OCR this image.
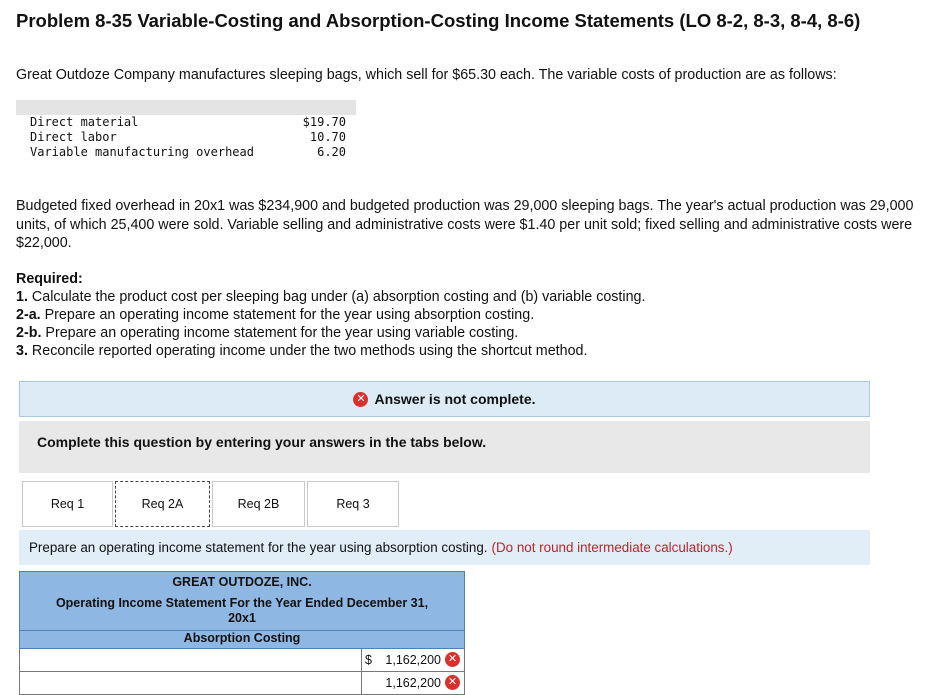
Problem 8-35 Variable-Costing and Absorption-Costing Income Statements (LO 8-2, 8-3, 8-4, 8-6)
Great Outdoze Company manufactures sleeping bags, which sell for $65.30 each. The variable costs of production are as follows:

Direct material	$19.70
Direct labor	10.70
Variable manufacturing overhead	6.20
Budgeted fixed overhead in 20x1 was $234,900 and budgeted production was 29,000 sleeping bags. The year's actual production was 29,000 units, of which 25,400 were sold. Variable selling and administrative costs were $1.40 per unit sold; fixed selling and administrative costs were $22,000.
Required:
1. Calculate the product cost per sleeping bag under (a) absorption costing and (b) variable costing.
2-a. Prepare an operating income statement for the year using absorption costing.
2-b. Prepare an operating income statement for the year using variable costing.
3. Reconcile reported operating income under the two methods using the shortcut method.
✕ Answer is not complete.
Complete this question by entering your answers in the tabs below.
Req 1	Req 2A	Req 2B	Req 3
Prepare an operating income statement for the year using absorption costing. (Do not round intermediate calculations.)
GREAT OUTDOZE, INC.
Operating Income Statement For the Year Ended December 31, 20x1
Absorption Costing
$ 1,162,200 ✕
1,162,200 ✕
